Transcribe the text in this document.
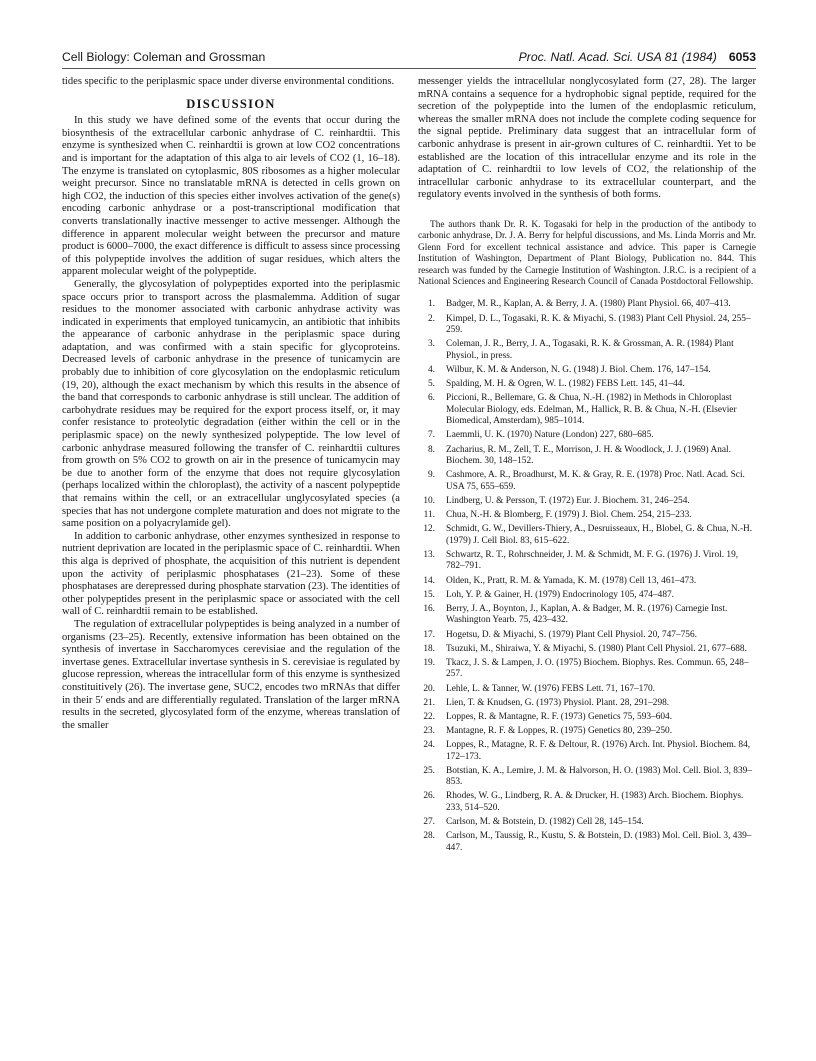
Cell Biology: Coleman and Grossman	Proc. Natl. Acad. Sci. USA 81 (1984) 6053

tides specific to the periplasmic space under diverse environmental conditions.

DISCUSSION

In this study we have defined some of the events that occur during the biosynthesis of the extracellular carbonic anhydrase of C. reinhardtii. This enzyme is synthesized when C. reinhardtii is grown at low CO2 concentrations and is important for the adaptation of this alga to air levels of CO2 (1, 16–18). The enzyme is translated on cytoplasmic, 80S ribosomes as a higher molecular weight precursor. Since no translatable mRNA is detected in cells grown on high CO2, the induction of this species either involves activation of the gene(s) encoding carbonic anhydrase or a post-transcriptional modification that converts translationally inactive messenger to active messenger. Although the difference in apparent molecular weight between the precursor and mature product is 6000–7000, the exact difference is difficult to assess since processing of this polypeptide involves the addition of sugar residues, which alters the apparent molecular weight of the polypeptide.

Generally, the glycosylation of polypeptides exported into the periplasmic space occurs prior to transport across the plasmalemma. Addition of sugar residues to the monomer associated with carbonic anhydrase activity was indicated in experiments that employed tunicamycin, an antibiotic that inhibits the appearance of carbonic anhydrase in the periplasmic space during adaptation, and was confirmed with a stain specific for glycoproteins. Decreased levels of carbonic anhydrase in the presence of tunicamycin are probably due to inhibition of core glycosylation on the endoplasmic reticulum (19, 20), although the exact mechanism by which this results in the absence of the band that corresponds to carbonic anhydrase is still unclear. The addition of carbohydrate residues may be required for the export process itself, or, it may confer resistance to proteolytic degradation (either within the cell or in the periplasmic space) on the newly synthesized polypeptide. The low level of carbonic anhydrase measured following the transfer of C. reinhardtii cultures from growth on 5% CO2 to growth on air in the presence of tunicamycin may be due to another form of the enzyme that does not require glycosylation (perhaps localized within the chloroplast), the activity of a nascent polypeptide that remains within the cell, or an extracellular unglycosylated species (a species that has not undergone complete maturation and does not migrate to the same position on a polyacrylamide gel).

In addition to carbonic anhydrase, other enzymes synthesized in response to nutrient deprivation are located in the periplasmic space of C. reinhardtii. When this alga is deprived of phosphate, the acquisition of this nutrient is dependent upon the activity of periplasmic phosphatases (21–23). Some of these phosphatases are derepressed during phosphate starvation (23). The identities of other polypeptides present in the periplasmic space or associated with the cell wall of C. reinhardtii remain to be established.

The regulation of extracellular polypeptides is being analyzed in a number of organisms (23–25). Recently, extensive information has been obtained on the synthesis of invertase in Saccharomyces cerevisiae and the regulation of the invertase genes. Extracellular invertase synthesis in S. cerevisiae is regulated by glucose repression, whereas the intracellular form of this enzyme is synthesized constituitively (26). The invertase gene, SUC2, encodes two mRNAs that differ in their 5′ ends and are differentially regulated. Translation of the larger mRNA results in the secreted, glycosylated form of the enzyme, whereas translation of the smaller

messenger yields the intracellular nonglycosylated form (27, 28). The larger mRNA contains a sequence for a hydrophobic signal peptide, required for the secretion of the polypeptide into the lumen of the endoplasmic reticulum, whereas the smaller mRNA does not include the complete coding sequence for the signal peptide. Preliminary data suggest that an intracellular form of carbonic anhydrase is present in air-grown cultures of C. reinhardtii. Yet to be established are the location of this intracellular enzyme and its role in the adaptation of C. reinhardtii to low levels of CO2, the relationship of the intracellular carbonic anhydrase to its extracellular counterpart, and the regulatory events involved in the synthesis of both forms.

The authors thank Dr. R. K. Togasaki for help in the production of the antibody to carbonic anhydrase, Dr. J. A. Berry for helpful discussions, and Ms. Linda Morris and Mr. Glenn Ford for excellent technical assistance and advice. This paper is Carnegie Institution of Washington, Department of Plant Biology, Publication no. 844. This research was funded by the Carnegie Institution of Washington. J.R.C. is a recipient of a National Sciences and Engineering Research Council of Canada Postdoctoral Fellowship.
1. Badger, M. R., Kaplan, A. & Berry, J. A. (1980) Plant Physiol. 66, 407–413.
2. Kimpel, D. L., Togasaki, R. K. & Miyachi, S. (1983) Plant Cell Physiol. 24, 255–259.
3. Coleman, J. R., Berry, J. A., Togasaki, R. K. & Grossman, A. R. (1984) Plant Physiol., in press.
4. Wilbur, K. M. & Anderson, N. G. (1948) J. Biol. Chem. 176, 147–154.
5. Spalding, M. H. & Ogren, W. L. (1982) FEBS Lett. 145, 41–44.
6. Piccioni, R., Bellemare, G. & Chua, N.-H. (1982) in Methods in Chloroplast Molecular Biology, eds. Edelman, M., Hallick, R. B. & Chua, N.-H. (Elsevier Biomedical, Amsterdam), 985–1014.
7. Laemmli, U. K. (1970) Nature (London) 227, 680–685.
8. Zacharius, R. M., Zell, T. E., Morrison, J. H. & Woodlock, J. J. (1969) Anal. Biochem. 30, 148–152.
9. Cashmore, A. R., Broadhurst, M. K. & Gray, R. E. (1978) Proc. Natl. Acad. Sci. USA 75, 655–659.
10. Lindberg, U. & Persson, T. (1972) Eur. J. Biochem. 31, 246–254.
11. Chua, N.-H. & Blomberg, F. (1979) J. Biol. Chem. 254, 215–233.
12. Schmidt, G. W., Devillers-Thiery, A., Desruisseaux, H., Blobel, G. & Chua, N.-H. (1979) J. Cell Biol. 83, 615–622.
13. Schwartz, R. T., Rohrschneider, J. M. & Schmidt, M. F. G. (1976) J. Virol. 19, 782–791.
14. Olden, K., Pratt, R. M. & Yamada, K. M. (1978) Cell 13, 461–473.
15. Loh, Y. P. & Gainer, H. (1979) Endocrinology 105, 474–487.
16. Berry, J. A., Boynton, J., Kaplan, A. & Badger, M. R. (1976) Carnegie Inst. Washington Yearb. 75, 423–432.
17. Hogetsu, D. & Miyachi, S. (1979) Plant Cell Physiol. 20, 747–756.
18. Tsuzuki, M., Shiraiwa, Y. & Miyachi, S. (1980) Plant Cell Physiol. 21, 677–688.
19. Tkacz, J. S. & Lampen, J. O. (1975) Biochem. Biophys. Res. Commun. 65, 248–257.
20. Lehle, L. & Tanner, W. (1976) FEBS Lett. 71, 167–170.
21. Lien, T. & Knudsen, G. (1973) Physiol. Plant. 28, 291–298.
22. Loppes, R. & Mantagne, R. F. (1973) Genetics 75, 593–604.
23. Mantagne, R. F. & Loppes, R. (1975) Genetics 80, 239–250.
24. Loppes, R., Matagne, R. F. & Deltour, R. (1976) Arch. Int. Physiol. Biochem. 84, 172–173.
25. Botstian, K. A., Lemire, J. M. & Halvorson, H. O. (1983) Mol. Cell. Biol. 3, 839–853.
26. Rhodes, W. G., Lindberg, R. A. & Drucker, H. (1983) Arch. Biochem. Biophys. 233, 514–520.
27. Carlson, M. & Botstein, D. (1982) Cell 28, 145–154.
28. Carlson, M., Taussig, R., Kustu, S. & Botstein, D. (1983) Mol. Cell. Biol. 3, 439–447.
